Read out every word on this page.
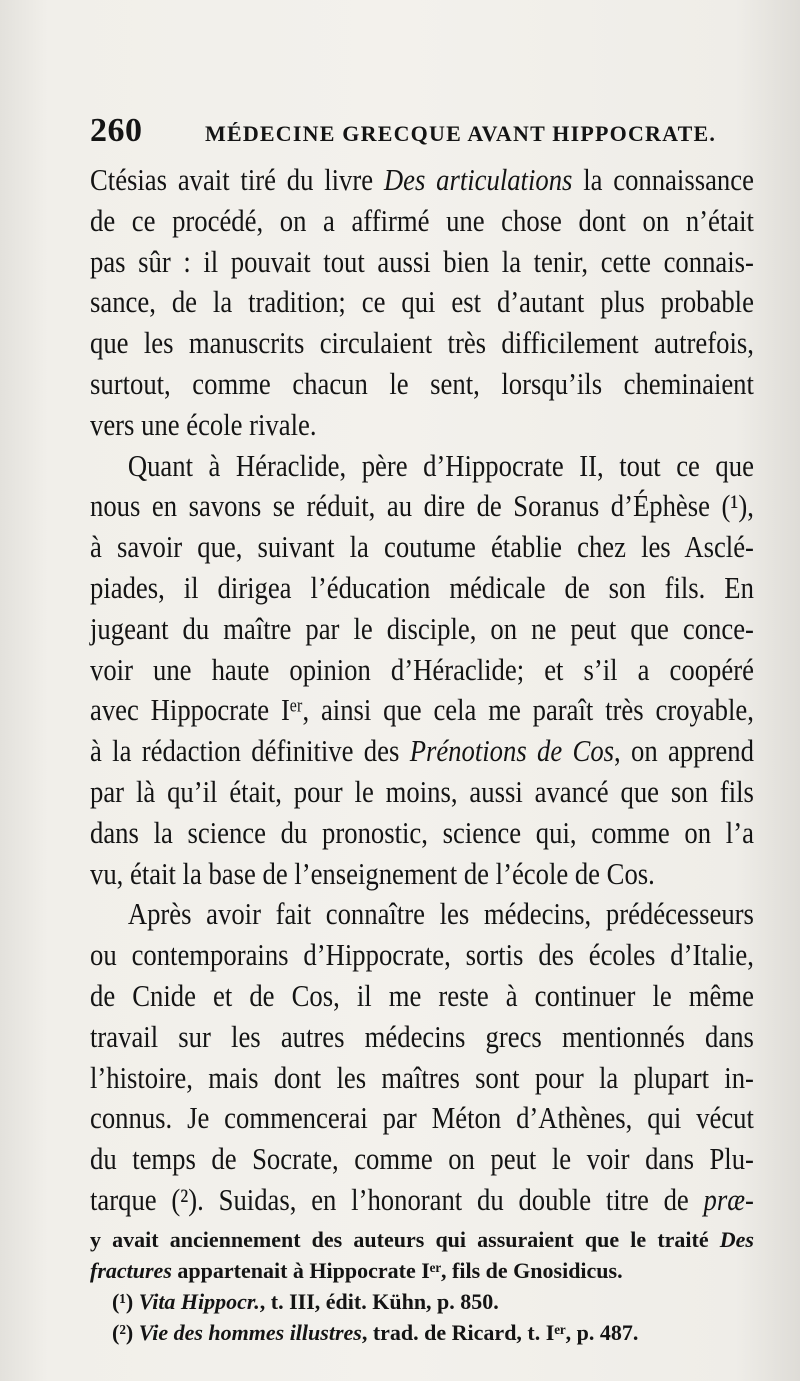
260	MÉDECINE GRECQUE AVANT HIPPOCRATE.
Ctésias avait tiré du livre Des articulations la connaissance
de ce procédé, on a affirmé une chose dont on n’était
pas sûr : il pouvait tout aussi bien la tenir, cette connais-
sance, de la tradition; ce qui est d’autant plus probable
que les manuscrits circulaient très difficilement autrefois,
surtout, comme chacun le sent, lorsqu’ils cheminaient
vers une école rivale.
Quant à Héraclide, père d’Hippocrate II, tout ce que
nous en savons se réduit, au dire de Soranus d’Éphèse (¹),
à savoir que, suivant la coutume établie chez les Asclé-
piades, il dirigea l’éducation médicale de son fils. En
jugeant du maître par le disciple, on ne peut que conce-
voir une haute opinion d’Héraclide; et s’il a coopéré
avec Hippocrate Iᵉʳ, ainsi que cela me paraît très croyable,
à la rédaction définitive des Prénotions de Cos, on apprend
par là qu’il était, pour le moins, aussi avancé que son fils
dans la science du pronostic, science qui, comme on l’a
vu, était la base de l’enseignement de l’école de Cos.
Après avoir fait connaître les médecins, prédécesseurs
ou contemporains d’Hippocrate, sortis des écoles d’Italie,
de Cnide et de Cos, il me reste à continuer le même
travail sur les autres médecins grecs mentionnés dans
l’histoire, mais dont les maîtres sont pour la plupart in-
connus. Je commencerai par Méton d’Athènes, qui vécut
du temps de Socrate, comme on peut le voir dans Plu-
tarque (²). Suidas, en l’honorant du double titre de præ-
y avait anciennement des auteurs qui assuraient que le traité Des
fractures appartenait à Hippocrate Iᵉʳ, fils de Gnosidicus.
(¹) Vita Hippocr., t. III, édit. Kühn, p. 850.
(²) Vie des hommes illustres, trad. de Ricard, t. Iᵉʳ, p. 487.
